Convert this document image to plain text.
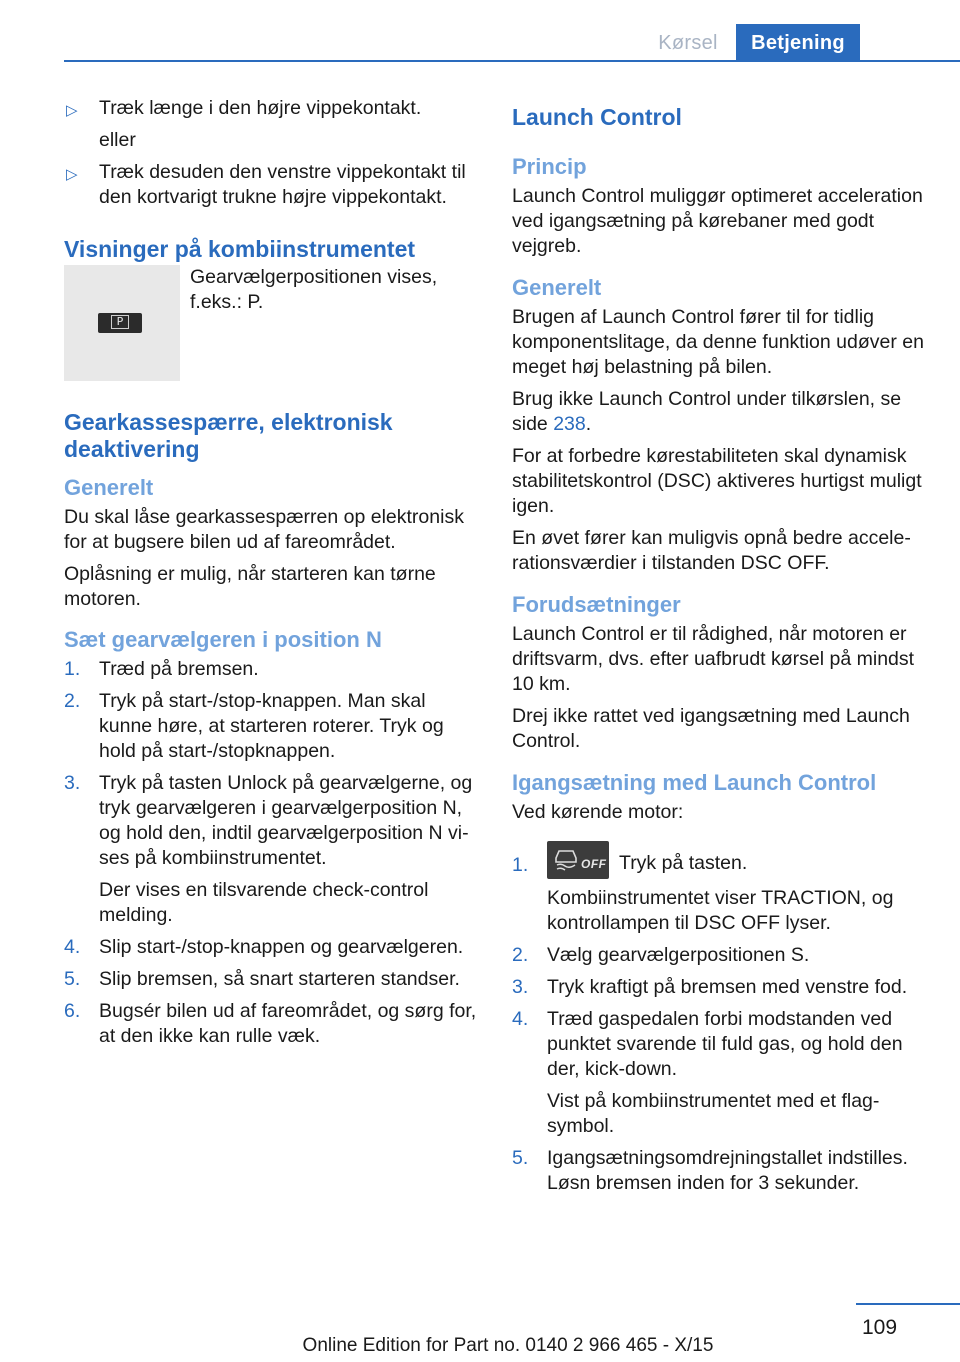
Kørsel	Betjening
▷ Træk længe i den højre vippekontakt.
eller
▷ Træk desuden den venstre vippekontakt til den kortvarigt trukne højre vippekontakt.
Visninger på kombiinstrumentet
P
Gearvælgerpositionen vises, f.eks.: P.
Gearkassespærre, elektronisk deaktivering
Generelt

Du skal låse gearkassespærren op elektronisk for at bugsere bilen ud af fareområdet.

Oplåsning er mulig, når starteren kan tørne motoren.

Sæt gearvælgeren i position N
1. Træd på bremsen.
2. Tryk på start-/stop-knappen. Man skal kunne høre, at starteren roterer. Tryk og hold på start-/stopknappen.
3. Tryk på tasten Unlock på gearvælgerne, og tryk gearvælgeren i gearvælgerposition N, og hold den, indtil gearvælgerposition N vises på kombiinstrumentet.
Der vises en tilsvarende check-control melding.
4. Slip start-/stop-knappen og gearvælgeren.
5. Slip bremsen, så snart starteren standser.
6. Bugsér bilen ud af fareområdet, og sørg for, at den ikke kan rulle væk.
Launch Control
Princip

Launch Control muliggør optimeret acceleration ved igangsætning på kørebaner med godt vejgreb.

Generelt

Brugen af Launch Control fører til for tidlig komponentslitage, da denne funktion udøver en meget høj belastning på bilen.

Brug ikke Launch Control under tilkørslen, se side 238.

For at forbedre kørestabiliteten skal dynamisk stabilitetskontrol (DSC) aktiveres hurtigst muligt igen.

En øvet fører kan muligvis opnå bedre accelerationsværdier i tilstanden DSC OFF.

Forudsætninger

Launch Control er til rådighed, når motoren er driftsvarm, dvs. efter uafbrudt kørsel på mindst 10 km.

Drej ikke rattet ved igangsætning med Launch Control.

Igangsætning med Launch Control

Ved kørende motor:

1.	OFF Tryk på tasten.
Kombiinstrumentet viser TRACTION, og kontrollampen til DSC OFF lyser.
2. Vælg gearvælgerpositionen S.
3. Tryk kraftigt på bremsen med venstre fod.
4. Træd gaspedalen forbi modstanden ved punktet svarende til fuld gas, og hold den der, kick-down.
Vist på kombiinstrumentet med et flagsymbol.
5. Igangsætningsomdrejningstallet indstilles. Løsn bremsen inden for 3 sekunder.
109
Online Edition for Part no. 0140 2 966 465 - X/15
